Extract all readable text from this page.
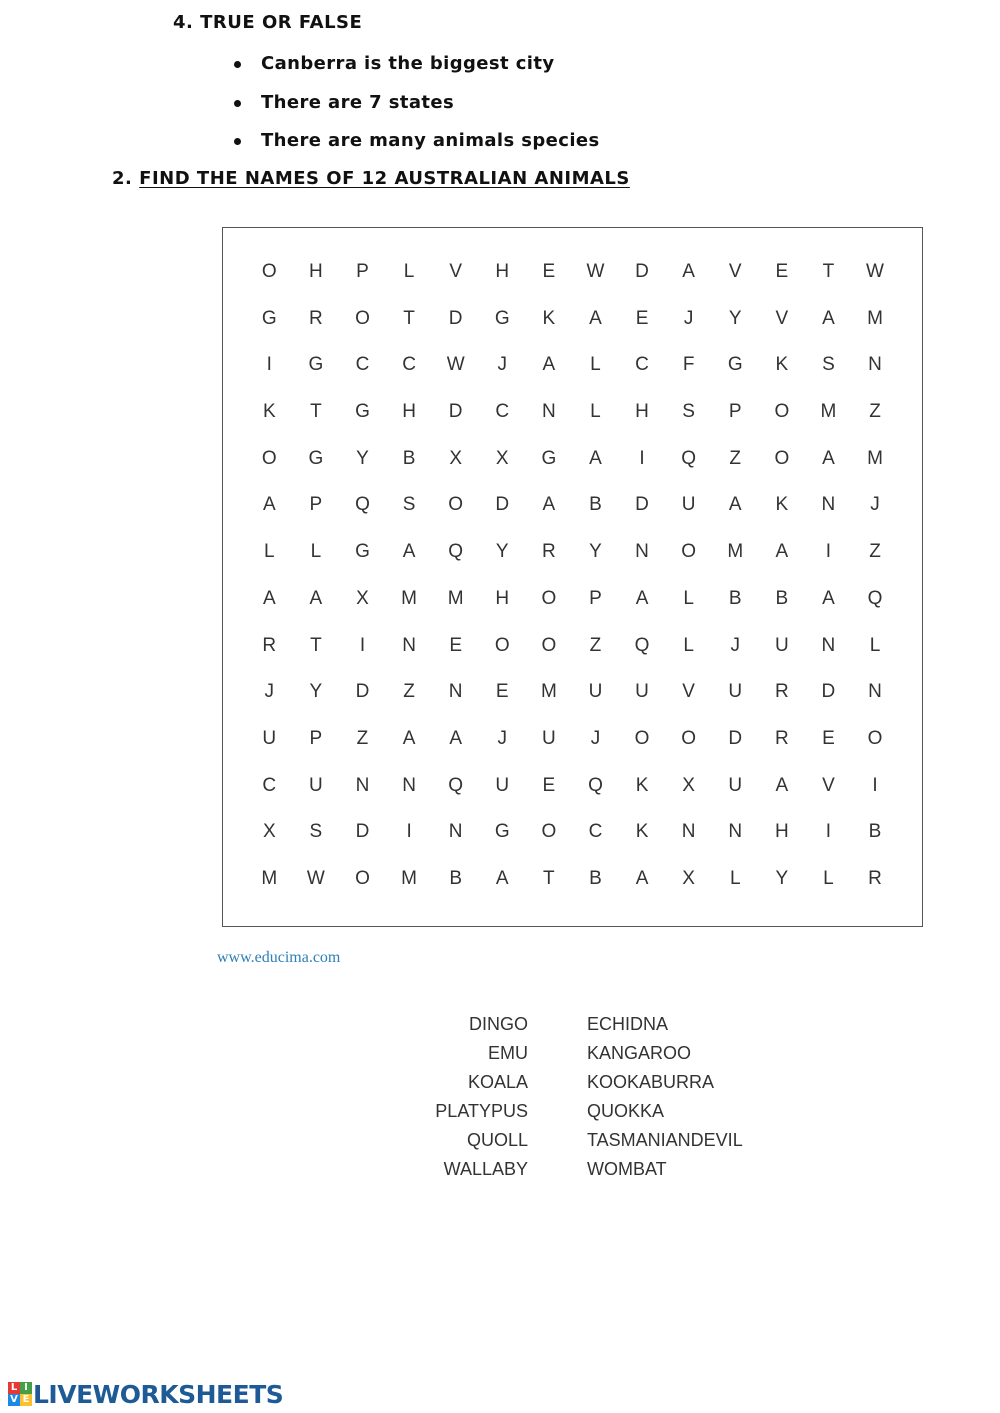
4. TRUE OR FALSE
Canberra is the biggest city
There are 7 states
There are many animals species
2. FIND THE NAMES OF 12 AUSTRALIAN ANIMALS
O	H	P	L	V	H	E	W	D	A	V	E	T	W
G	R	O	T	D	G	K	A	E	J	Y	V	A	M
I	G	C	C	W	J	A	L	C	F	G	K	S	N
K	T	G	H	D	C	N	L	H	S	P	O	M	Z
O	G	Y	B	X	X	G	A	I	Q	Z	O	A	M
A	P	Q	S	O	D	A	B	D	U	A	K	N	J
L	L	G	A	Q	Y	R	Y	N	O	M	A	I	Z
A	A	X	M	M	H	O	P	A	L	B	B	A	Q
R	T	I	N	E	O	O	Z	Q	L	J	U	N	L
J	Y	D	Z	N	E	M	U	U	V	U	R	D	N
U	P	Z	A	A	J	U	J	O	O	D	R	E	O
C	U	N	N	Q	U	E	Q	K	X	U	A	V	I
X	S	D	I	N	G	O	C	K	N	N	H	I	B
M	W	O	M	B	A	T	B	A	X	L	Y	L	R
www.educima.com
DINGO
EMU
KOALA
PLATYPUS
QUOLL
WALLABY
ECHIDNA
KANGAROO
KOOKABURRA
QUOKKA
TASMANIANDEVIL
WOMBAT
L I
V E LIVEWORKSHEETS
